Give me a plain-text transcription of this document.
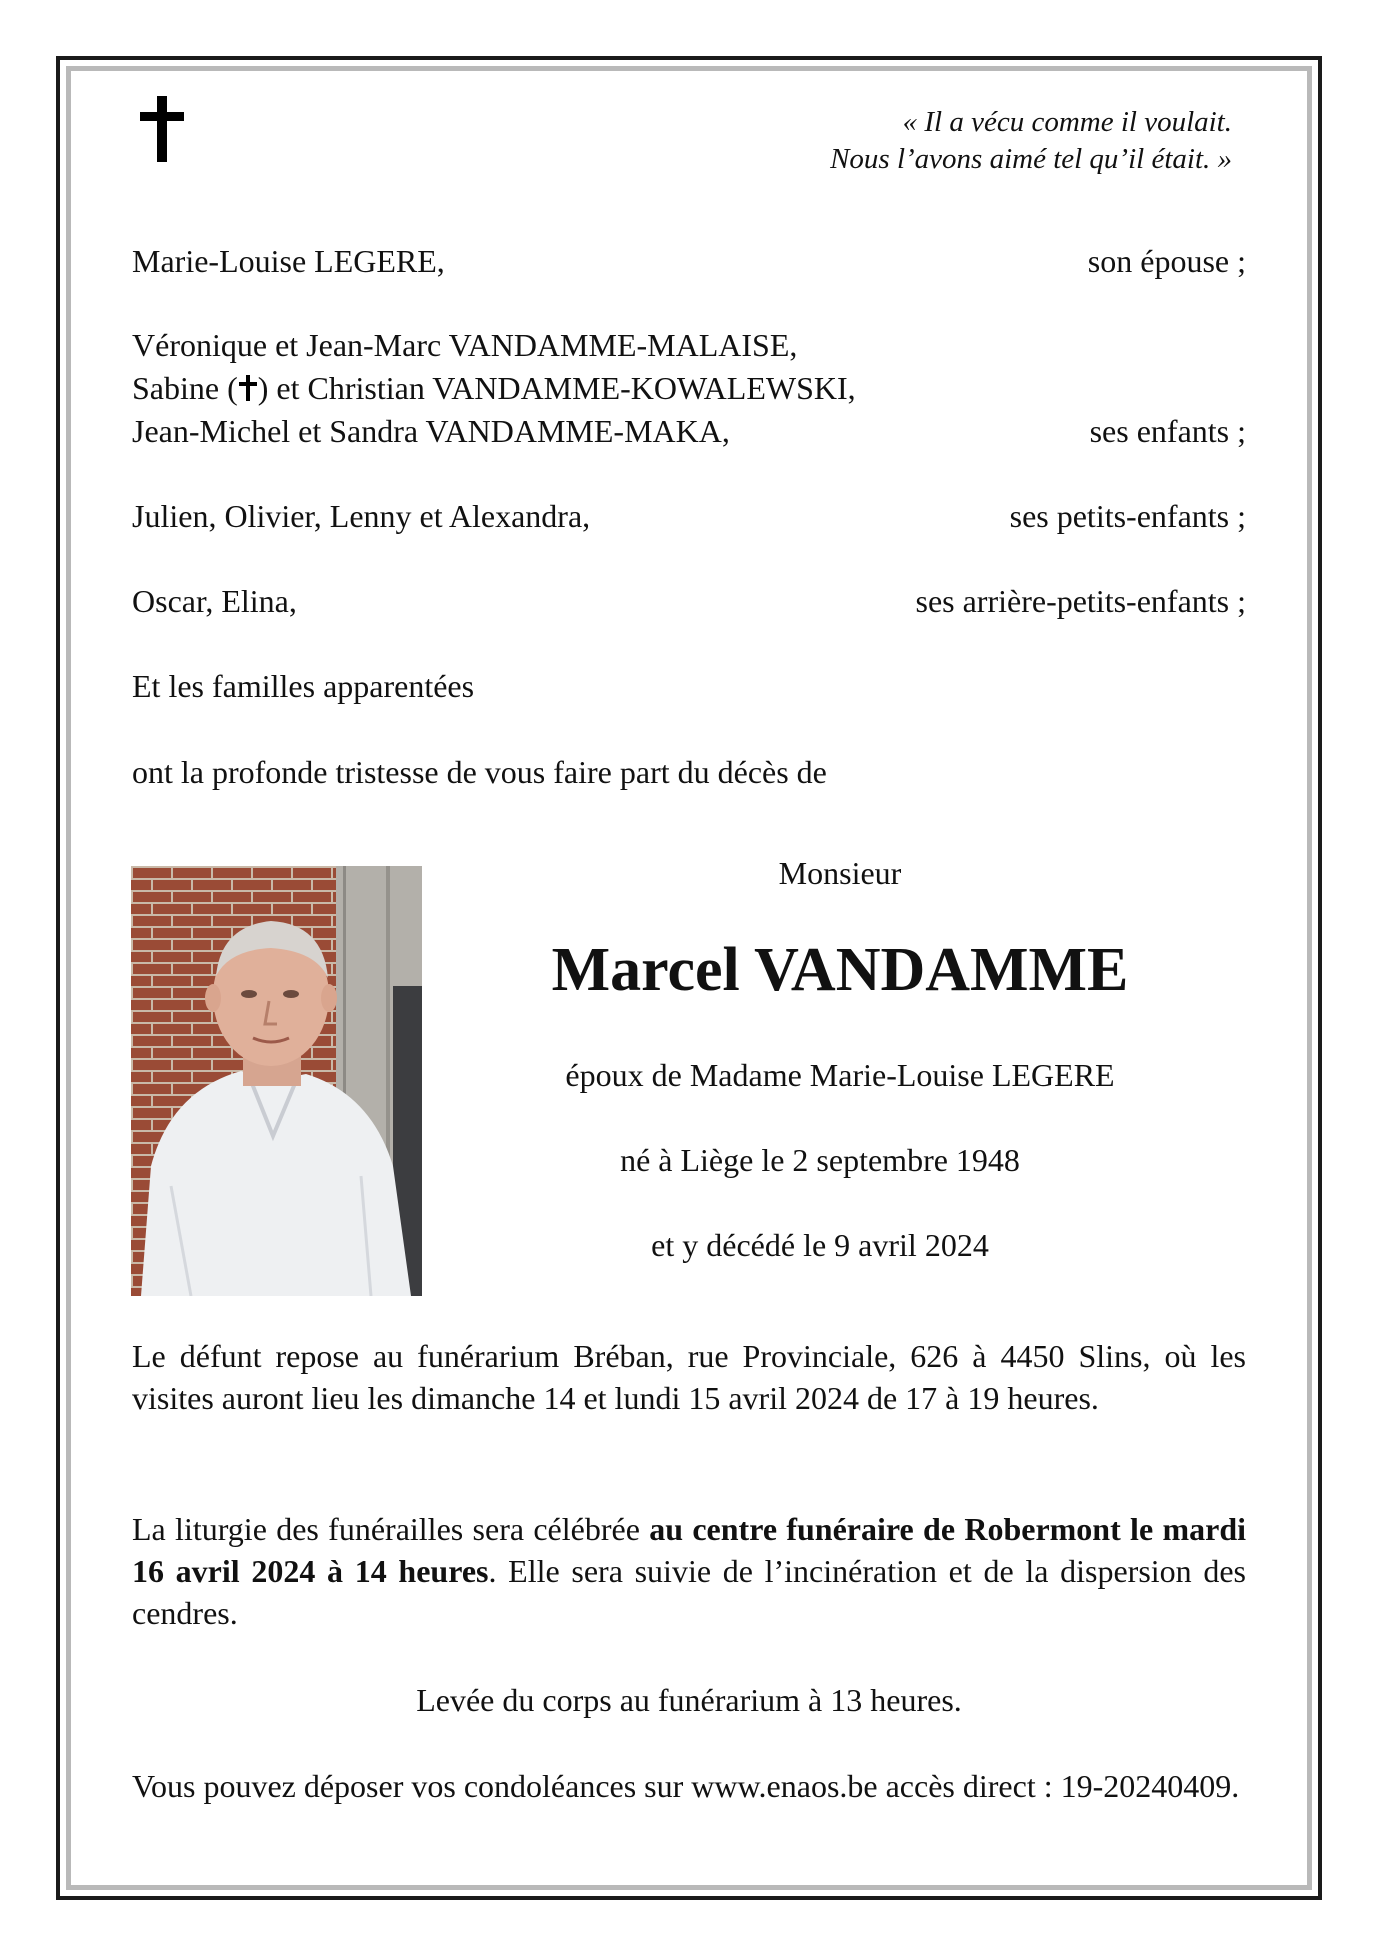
« Il a vécu comme il voulait.
Nous l’avons aimé tel qu’il était. »
Marie-Louise LEGERE,	son épouse ;
Véronique et Jean-Marc VANDAMME-MALAISE,
Sabine ( ) et Christian VANDAMME-KOWALEWSKI,
Jean-Michel et Sandra VANDAMME-MAKA,	ses enfants ;
Julien, Olivier, Lenny et Alexandra,	ses petits-enfants ;
Oscar, Elina,	ses arrière-petits-enfants ;
Et les familles apparentées
ont la profonde tristesse de vous faire part du décès de
Monsieur
Marcel VANDAMME
époux de Madame Marie-Louise LEGERE
né à Liège le 2 septembre 1948
et y décédé le 9 avril 2024
Le défunt repose au funérarium Bréban, rue Provinciale, 626 à 4450 Slins, où les visites auront lieu les dimanche 14 et lundi 15 avril 2024 de 17 à 19 heures.
La liturgie des funérailles sera célébrée au centre funéraire de Robermont le mardi 16 avril 2024 à 14 heures. Elle sera suivie de l’incinération et de la dispersion des cendres.
Levée du corps au funérarium à 13 heures.
Vous pouvez déposer vos condoléances sur www.enaos.be accès direct : 19-20240409.
